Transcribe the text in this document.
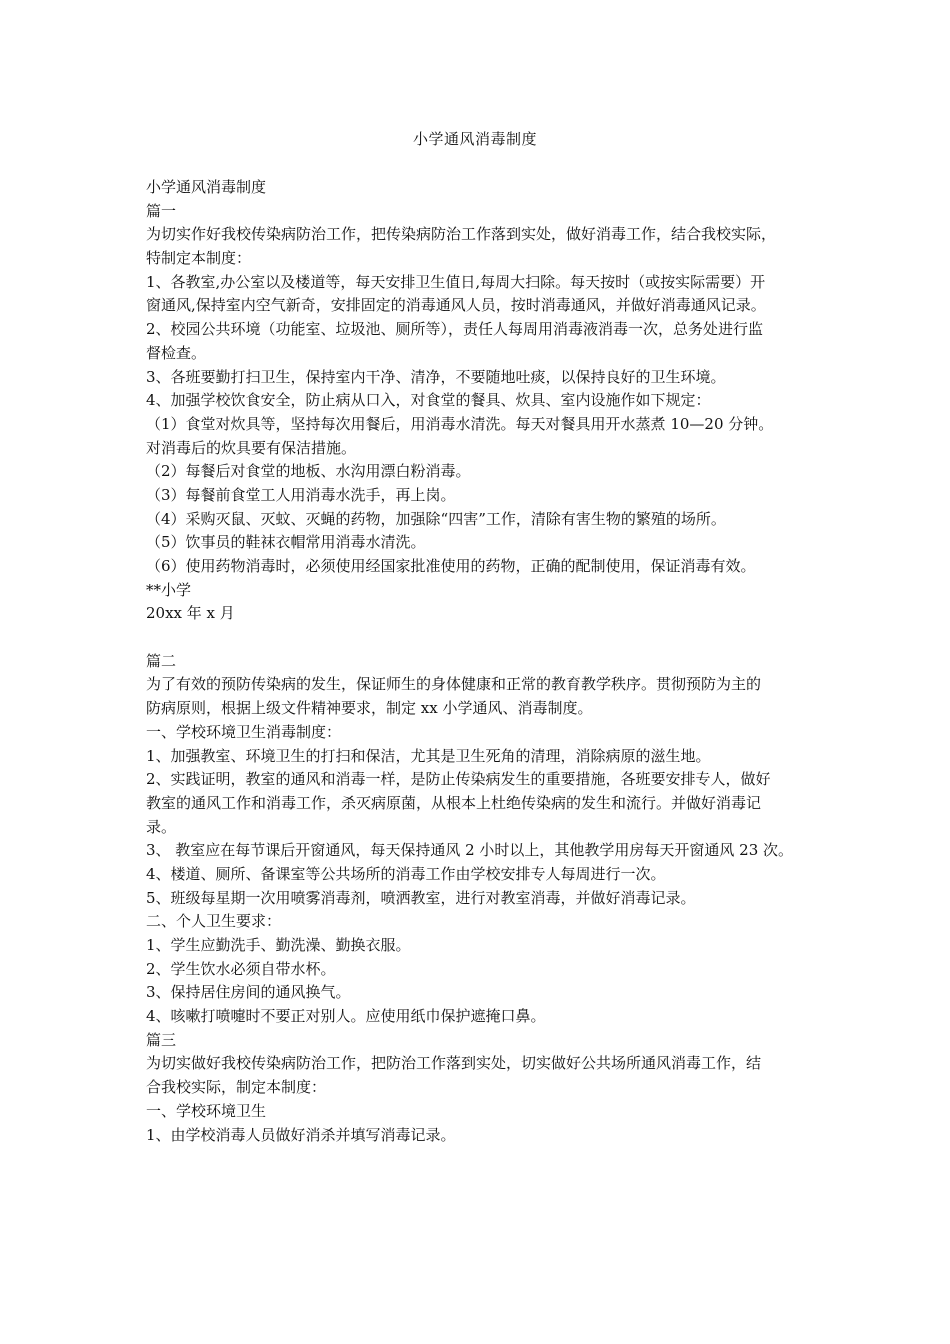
小学通风消毒制度
小学通风消毒制度
篇一
为切实作好我校传染病防治工作，把传染病防治工作落到实处，做好消毒工作，结合我校实际，
特制定本制度：
1、各教室,办公室以及楼道等，每天安排卫生值日,每周大扫除。每天按时（或按实际需要）开
窗通风,保持室内空气新奇，安排固定的消毒通风人员，按时消毒通风，并做好消毒通风记录。
2、校园公共环境（功能室、垃圾池、厕所等），责任人每周用消毒液消毒一次，总务处进行监
督检查。
3、各班要勤打扫卫生，保持室内干净、清净，不要随地吐痰，以保持良好的卫生环境。
4、加强学校饮食安全，防止病从口入，对食堂的餐具、炊具、室内设施作如下规定：
（1）食堂对炊具等，坚持每次用餐后，用消毒水清洗。每天对餐具用开水蒸煮 10—20 分钟。
对消毒后的炊具要有保洁措施。
（2）每餐后对食堂的地板、水沟用漂白粉消毒。
（3）每餐前食堂工人用消毒水洗手，再上岗。
（4）采购灭鼠、灭蚊、灭蝇的药物，加强除“四害”工作，清除有害生物的繁殖的场所。
（5）饮事员的鞋袜衣帽常用消毒水清洗。
（6）使用药物消毒时，必须使用经国家批准使用的药物，正确的配制使用，保证消毒有效。
**小学
20xx 年 x 月
篇二
为了有效的预防传染病的发生，保证师生的身体健康和正常的教育教学秩序。贯彻预防为主的
防病原则，根据上级文件精神要求，制定 xx 小学通风、消毒制度。
一、学校环境卫生消毒制度：
1、加强教室、环境卫生的打扫和保洁，尤其是卫生死角的清理，消除病原的滋生地。
2、实践证明，教室的通风和消毒一样，是防止传染病发生的重要措施，各班要安排专人，做好
教室的通风工作和消毒工作，杀灭病原菌，从根本上杜绝传染病的发生和流行。并做好消毒记
录。
3、 教室应在每节课后开窗通风，每天保持通风 2 小时以上，其他教学用房每天开窗通风 23 次。
4、楼道、厕所、备课室等公共场所的消毒工作由学校安排专人每周进行一次。
5、班级每星期一次用喷雾消毒剂，喷洒教室，进行对教室消毒，并做好消毒记录。
二、个人卫生要求：
1、学生应勤洗手、勤洗澡、勤换衣服。
2、学生饮水必须自带水杯。
3、保持居住房间的通风换气。
4、咳嗽打喷嚏时不要正对别人。应使用纸巾保护遮掩口鼻。
篇三
为切实做好我校传染病防治工作，把防治工作落到实处，切实做好公共场所通风消毒工作，结
合我校实际，制定本制度：
一、学校环境卫生
1、由学校消毒人员做好消杀并填写消毒记录。
